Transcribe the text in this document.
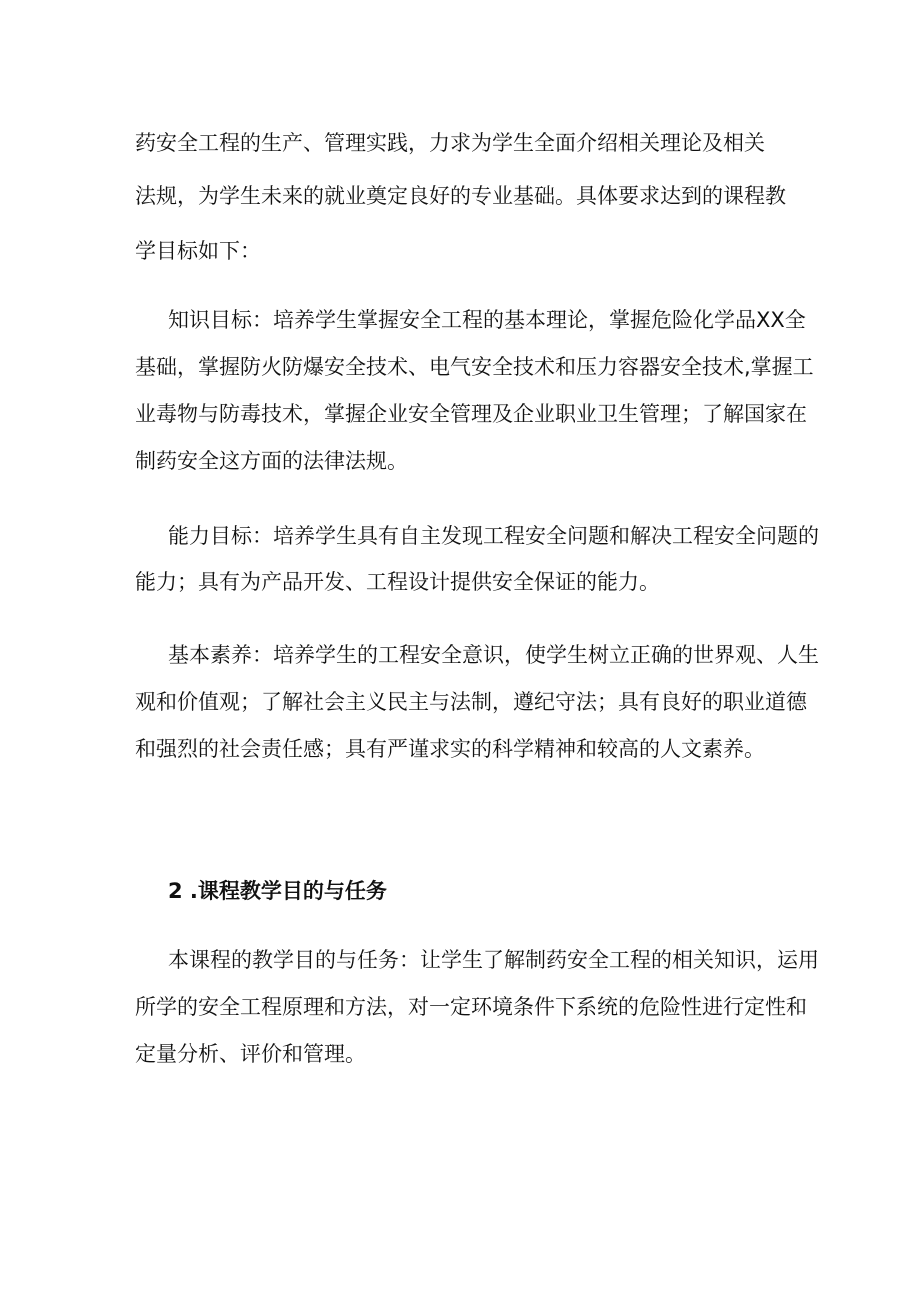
药安全工程的生产、管理实践，力求为学生全面介绍相关理论及相关
法规，为学生未来的就业奠定良好的专业基础。具体要求达到的课程教
学目标如下：
知识目标：培养学生掌握安全工程的基本理论，掌握危险化学品XX全
基础，掌握防火防爆安全技术、电气安全技术和压力容器安全技术,掌握工
业毒物与防毒技术，掌握企业安全管理及企业职业卫生管理；了解国家在
制药安全这方面的法律法规。
能力目标：培养学生具有自主发现工程安全问题和解决工程安全问题的
能力；具有为产品开发、工程设计提供安全保证的能力。
基本素养：培养学生的工程安全意识，使学生树立正确的世界观、人生
观和价值观；了解社会主义民主与法制，遵纪守法；具有良好的职业道德
和强烈的社会责任感；具有严谨求实的科学精神和较高的人文素养。
2 .课程教学目的与任务
本课程的教学目的与任务：让学生了解制药安全工程的相关知识，运用
所学的安全工程原理和方法，对一定环境条件下系统的危险性进行定性和
定量分析、评价和管理。
